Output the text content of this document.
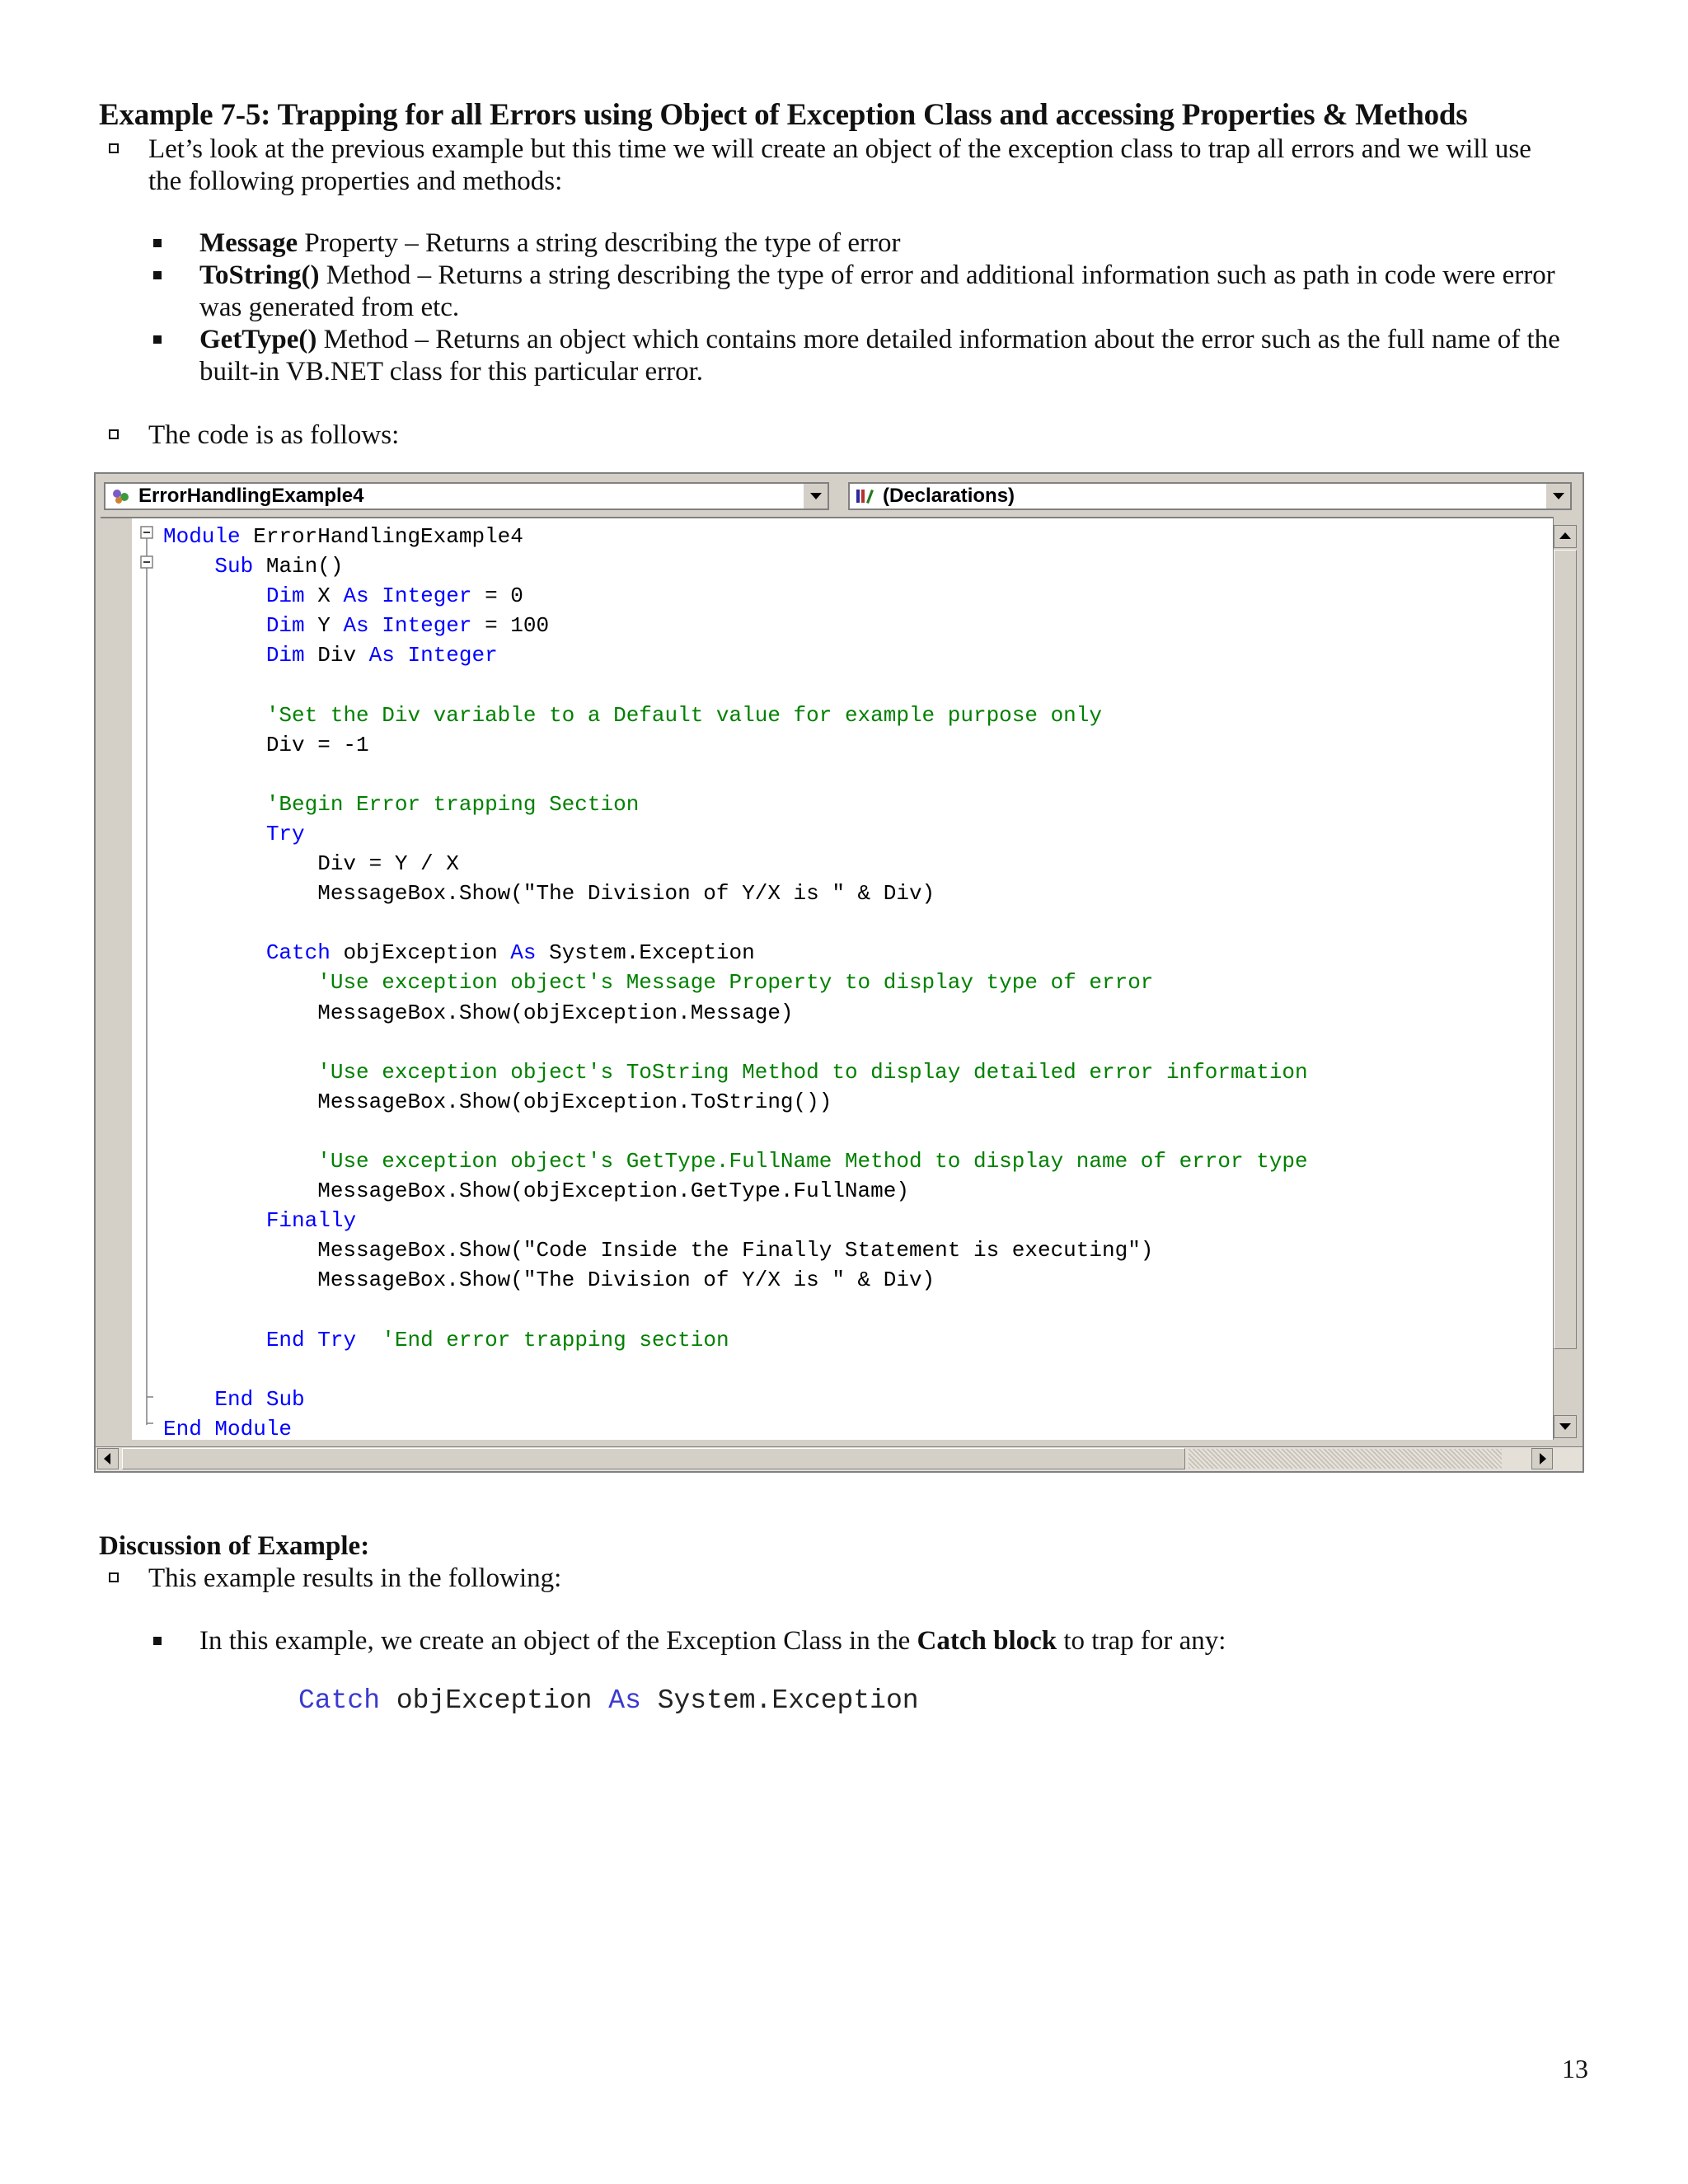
Example 7-5: Trapping for all Errors using Object of Exception Class and accessing Properties & Methods
Let’s look at the previous example but this time we will create an object of the exception class to trap all errors and we will use
the following properties and methods:
Message Property – Returns a string describing the type of error
ToString() Method – Returns a string describing the type of error and additional information such as path in code were error
was generated from etc.
GetType() Method – Returns an object which contains more detailed information about the error such as the full name of the
built-in VB.NET class for this particular error.
The code is as follows:
ErrorHandlingExample4	(Declarations)
Module ErrorHandlingExample4
Sub Main()
Dim X As Integer = 0
Dim Y As Integer = 100
Dim Div As Integer

'Set the Div variable to a Default value for example purpose only
Div = -1

'Begin Error trapping Section
Try
Div = Y / X
MessageBox.Show("The Division of Y/X is " & Div)

Catch objException As System.Exception
'Use exception object's Message Property to display type of error
MessageBox.Show(objException.Message)

'Use exception object's ToString Method to display detailed error information
MessageBox.Show(objException.ToString())

'Use exception object's GetType.FullName Method to display name of error type
MessageBox.Show(objException.GetType.FullName)
Finally
MessageBox.Show("Code Inside the Finally Statement is executing")
MessageBox.Show("The Division of Y/X is " & Div)

End Try 'End error trapping section

End Sub
End Module
Discussion of Example:
This example results in the following:
In this example, we create an object of the Exception Class in the Catch block to trap for any:
Catch objException As System.Exception
13
